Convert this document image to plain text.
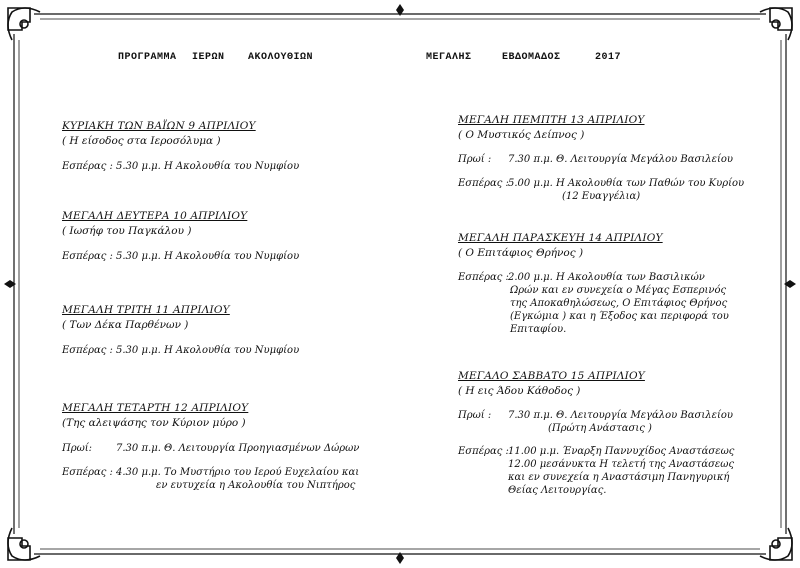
ΠΡΟΓΡΑΜΜΑ ΙΕΡΩΝ ΑΚΟΛΟΥΘΙΩΝ	ΜΕΓΑΛΗΣ	ΕΒΔΟΜΑΔΟΣ	2017
ΚΥΡΙΑΚΗ ΤΩΝ ΒΑΪΩΝ 9 ΑΠΡΙΛΙΟΥ
( Η είσοδος στα Ιεροσόλυμα )
Εσπέρας : 5.30 μ.μ. Η Ακολουθία του Νυμφίου
ΜΕΓΑΛΗ ΔΕΥΤΕΡΑ 10 ΑΠΡΙΛΙΟΥ
( Ιωσήφ του Παγκάλου )
Εσπέρας : 5.30 μ.μ. Η Ακολουθία του Νυμφίου
ΜΕΓΑΛΗ ΤΡΙΤΗ 11 ΑΠΡΙΛΙΟΥ
( Των Δέκα Παρθένων )
Εσπέρας : 5.30 μ.μ. Η Ακολουθία του Νυμφίου
ΜΕΓΑΛΗ ΤΕΤΑΡΤΗ 12 ΑΠΡΙΛΙΟΥ
(Της αλειψάσης τον Κύριον μύρο )
Πρωί: 7.30 π.μ. Θ. Λειτουργία Προηγιασμένων Δώρων
Εσπέρας : 4.30 μ.μ. Το Μυστήριο του Ιερού Ευχελαίου και
εν ευτυχεία η Ακολουθία του Νιπτήρος
ΜΕΓΑΛΗ ΠΕΜΠΤΗ 13 ΑΠΡΙΛΙΟΥ
( Ο Μυστικός Δείπνος )
Πρωί : 7.30 π.μ. Θ. Λειτουργία Μεγάλου Βασιλείου
Εσπέρας : 5.00 μ.μ. Η Ακολουθία των Παθών του Κυρίου
(12 Ευαγγέλια)
ΜΕΓΑΛΗ ΠΑΡΑΣΚΕΥΗ 14 ΑΠΡΙΛΙΟΥ
( Ο Επιτάφιος Θρήνος )
Εσπέρας : 2.00 μ.μ. Η Ακολουθία των Βασιλικών
Ωρών και εν συνεχεία ο Μέγας Εσπερινός
της Αποκαθηλώσεως, Ο Επιτάφιος Θρήνος
(Εγκώμια ) και η Έξοδος και περιφορά του
Επιταφίου.
ΜΕΓΑΛΟ ΣΑΒΒΑΤΟ 15 ΑΠΡΙΛΙΟΥ
( Η εις Άδου Κάθοδος )
Πρωί : 7.30 π.μ. Θ. Λειτουργία Μεγάλου Βασιλείου
(Πρώτη Ανάστασις )
Εσπέρας : 11.00 μ.μ. Έναρξη Παννυχίδος Αναστάσεως
12.00 μεσάνυκτα Η τελετή της Αναστάσεως
και εν συνεχεία η Αναστάσιμη Πανηγυρική
Θείας Λειτουργίας.
